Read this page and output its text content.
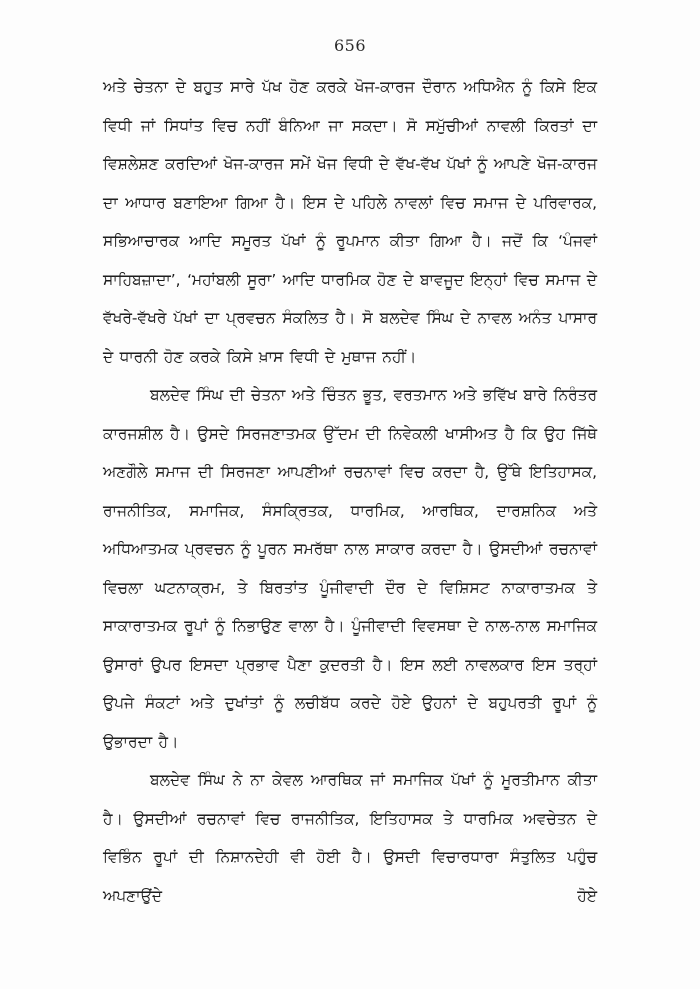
656

ਅਤੇ ਚੇਤਨਾ ਦੇ ਬਹੁਤ ਸਾਰੇ ਪੱਖ ਹੋਣ ਕਰਕੇ ਖੋਜ-ਕਾਰਜ ਦੌਰਾਨ ਅਧਿਐਨ ਨੂੰ ਕਿਸੇ ਇਕ ਵਿਧੀ ਜਾਂ ਸਿਧਾਂਤ ਵਿਚ ਨਹੀਂ ਬੰਨਿਆ ਜਾ ਸਕਦਾ। ਸੋ ਸਮੁੱਚੀਆਂ ਨਾਵਲੀ ਕਿਰਤਾਂ ਦਾ ਵਿਸ਼ਲੇਸ਼ਣ ਕਰਦਿਆਂ ਖੋਜ-ਕਾਰਜ ਸਮੇਂ ਖੋਜ ਵਿਧੀ ਦੇ ਵੱਖ-ਵੱਖ ਪੱਖਾਂ ਨੂੰ ਆਪਣੇ ਖੋਜ-ਕਾਰਜ ਦਾ ਆਧਾਰ ਬਣਾਇਆ ਗਿਆ ਹੈ। ਇਸ ਦੇ ਪਹਿਲੇ ਨਾਵਲਾਂ ਵਿਚ ਸਮਾਜ ਦੇ ਪਰਿਵਾਰਕ, ਸਭਿਆਚਾਰਕ ਆਦਿ ਸਮੂਰਤ ਪੱਖਾਂ ਨੂੰ ਰੂਪਮਾਨ ਕੀਤਾ ਗਿਆ ਹੈ। ਜਦੋਂ ਕਿ ‘ਪੰਜਵਾਂ ਸਾਹਿਬਜ਼ਾਦਾ’, ‘ਮਹਾਂਬਲੀ ਸੂਰਾ’ ਆਦਿ ਧਾਰਮਿਕ ਹੋਣ ਦੇ ਬਾਵਜੂਦ ਇਨ੍ਹਾਂ ਵਿਚ ਸਮਾਜ ਦੇ ਵੱਖਰੇ-ਵੱਖਰੇ ਪੱਖਾਂ ਦਾ ਪ੍ਰਵਚਨ ਸੰਕਲਿਤ ਹੈ। ਸੋ ਬਲਦੇਵ ਸਿੰਘ ਦੇ ਨਾਵਲ ਅਨੰਤ ਪਾਸਾਰ ਦੇ ਧਾਰਨੀ ਹੋਣ ਕਰਕੇ ਕਿਸੇ ਖ਼ਾਸ ਵਿਧੀ ਦੇ ਮੁਥਾਜ ਨਹੀਂ।

ਬਲਦੇਵ ਸਿੰਘ ਦੀ ਚੇਤਨਾ ਅਤੇ ਚਿੰਤਨ ਭੂਤ, ਵਰਤਮਾਨ ਅਤੇ ਭਵਿੱਖ ਬਾਰੇ ਨਿਰੰਤਰ ਕਾਰਜਸ਼ੀਲ ਹੈ। ਉਸਦੇ ਸਿਰਜਣਾਤਮਕ ਉੱਦਮ ਦੀ ਨਿਵੇਕਲੀ ਖਾਸੀਅਤ ਹੈ ਕਿ ਉਹ ਜਿੱਥੇ ਅਣਗੌਲੇ ਸਮਾਜ ਦੀ ਸਿਰਜਣਾ ਆਪਣੀਆਂ ਰਚਨਾਵਾਂ ਵਿਚ ਕਰਦਾ ਹੈ, ਉੱਥੇ ਇਤਿਹਾਸਕ, ਰਾਜਨੀਤਿਕ, ਸਮਾਜਿਕ, ਸੰਸਕ੍ਰਿਤਕ, ਧਾਰਮਿਕ, ਆਰਥਿਕ, ਦਾਰਸ਼ਨਿਕ ਅਤੇ ਅਧਿਆਤਮਕ ਪ੍ਰਵਚਨ ਨੂੰ ਪੂਰਨ ਸਮਰੱਥਾ ਨਾਲ ਸਾਕਾਰ ਕਰਦਾ ਹੈ। ਉਸਦੀਆਂ ਰਚਨਾਵਾਂ ਵਿਚਲਾ ਘਟਨਾਕ੍ਰਮ, ਤੇ ਬਿਰਤਾਂਤ ਪੂੰਜੀਵਾਦੀ ਦੌਰ ਦੇ ਵਿਸ਼ਿਸਟ ਨਾਕਾਰਾਤਮਕ ਤੇ ਸਾਕਾਰਾਤਮਕ ਰੂਪਾਂ ਨੂੰ ਨਿਭਾਉਣ ਵਾਲਾ ਹੈ। ਪੂੰਜੀਵਾਦੀ ਵਿਵਸਥਾ ਦੇ ਨਾਲ-ਨਾਲ ਸਮਾਜਿਕ ਉਸਾਰਾਂ ਉਪਰ ਇਸਦਾ ਪ੍ਰਭਾਵ ਪੈਣਾ ਕੁਦਰਤੀ ਹੈ। ਇਸ ਲਈ ਨਾਵਲਕਾਰ ਇਸ ਤਰ੍ਹਾਂ ਉਪਜੇ ਸੰਕਟਾਂ ਅਤੇ ਦੁਖਾਂਤਾਂ ਨੂੰ ਲਚੀਬੱਧ ਕਰਦੇ ਹੋਏ ਉਹਨਾਂ ਦੇ ਬਹੁਪਰਤੀ ਰੂਪਾਂ ਨੂੰ ਉਭਾਰਦਾ ਹੈ।

ਬਲਦੇਵ ਸਿੰਘ ਨੇ ਨਾ ਕੇਵਲ ਆਰਥਿਕ ਜਾਂ ਸਮਾਜਿਕ ਪੱਖਾਂ ਨੂੰ ਮੂਰਤੀਮਾਨ ਕੀਤਾ ਹੈ। ਉਸਦੀਆਂ ਰਚਨਾਵਾਂ ਵਿਚ ਰਾਜਨੀਤਿਕ, ਇਤਿਹਾਸਕ ਤੇ ਧਾਰਮਿਕ ਅਵਚੇਤਨ ਦੇ ਵਿਭਿੰਨ ਰੂਪਾਂ ਦੀ ਨਿਸ਼ਾਨਦੇਹੀ ਵੀ ਹੋਈ ਹੈ। ਉਸਦੀ ਵਿਚਾਰਧਾਰਾ ਸੰਤੁਲਿਤ ਪਹੁੰਚ ਅਪਣਾਉਂਦੇ ਹੋਏ
